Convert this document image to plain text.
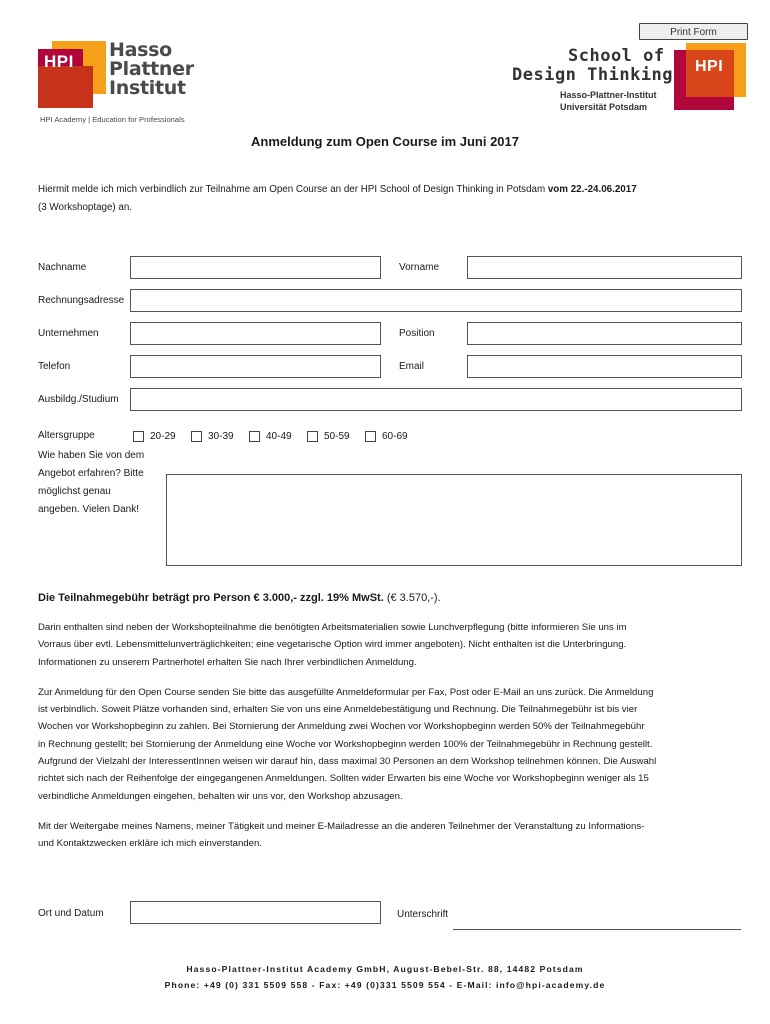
Print Form
HPI
Hasso
Plattner
Institut
HPI Academy | Education for Professionals
School of
Design Thinking
Hasso-Plattner-Institut
Universität Potsdam
HPI
Anmeldung zum Open Course im Juni 2017
Hiermit melde ich mich verbindlich zur Teilnahme am Open Course an der HPI School of Design Thinking in Potsdam vom 22.-24.06.2017
(3 Workshoptage) an.
Nachname	Vorname
Rechnungsadresse
Unternehmen	Position
Telefon	Email
Ausbildg./Studium
Altersgruppe	20-29	30-39	40-49	50-59	60-69
Wie haben Sie von dem
Angebot erfahren? Bitte
möglichst genau
angeben. Vielen Dank!
Die Teilnahmegebühr beträgt pro Person € 3.000,- zzgl. 19% MwSt. (€ 3.570,-).

Darin enthalten sind neben der Workshopteilnahme die benötigten Arbeitsmaterialien sowie Lunchverpflegung (bitte informieren Sie uns im
Vorraus über evtl. Lebensmittelunverträglichkeiten; eine vegetarische Option wird immer angeboten). Nicht enthalten ist die Unterbringung.
Informationen zu unserem Partnerhotel erhalten Sie nach Ihrer verbindlichen Anmeldung.

Zur Anmeldung für den Open Course senden Sie bitte das ausgefüllte Anmeldeformular per Fax, Post oder E-Mail an uns zurück. Die Anmeldung
ist verbindlich. Soweit Plätze vorhanden sind, erhalten Sie von uns eine Anmeldebestätigung und Rechnung. Die Teilnahmegebühr ist bis vier
Wochen vor Workshopbeginn zu zahlen. Bei Stornierung der Anmeldung zwei Wochen vor Workshopbeginn werden 50% der Teilnahmegebühr
in Rechnung gestellt; bei Stornierung der Anmeldung eine Woche vor Workshopbeginn werden 100% der Teilnahmegebühr in Rechnung gestellt.
Aufgrund der Vielzahl der InteressentInnen weisen wir darauf hin, dass maximal 30 Personen an dem Workshop teilnehmen können. Die Auswahl
richtet sich nach der Reihenfolge der eingegangenen Anmeldungen. Sollten wider Erwarten bis eine Woche vor Workshopbeginn weniger als 15
verbindliche Anmeldungen eingehen, behalten wir uns vor, den Workshop abzusagen.

Mit der Weitergabe meines Namens, meiner Tätigkeit und meiner E-Mailadresse an die anderen Teilnehmer der Veranstaltung zu Informations-
und Kontaktzwecken erkläre ich mich einverstanden.

Ort und Datum	Unterschrift
Hasso-Plattner-Institut Academy GmbH, August-Bebel-Str. 88, 14482 Potsdam
Phone: +49 (0) 331 5509 558 - Fax: +49 (0)331 5509 554 - E-Mail: info@hpi-academy.de
